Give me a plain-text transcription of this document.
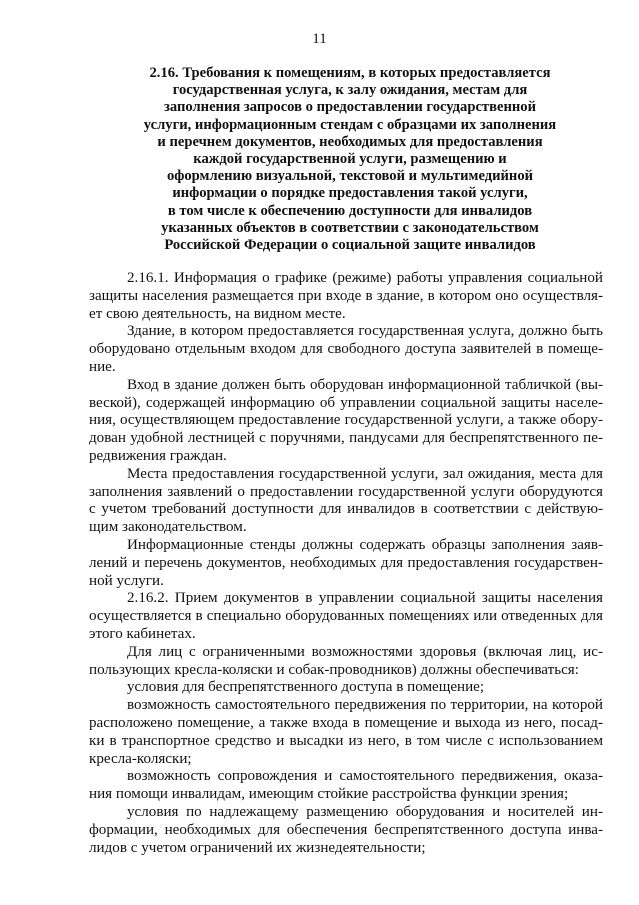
11
2.16. Требования к помещениям, в которых предоставляется
государственная услуга, к залу ожидания, местам для
заполнения запросов о предоставлении государственной
услуги, информационным стендам с образцами их заполнения
и перечнем документов, необходимых для предоставления
каждой государственной услуги, размещению и
оформлению визуальной, текстовой и мультимедийной
информации о порядке предоставления такой услуги,
в том числе к обеспечению доступности для инвалидов
указанных объектов в соответствии с законодательством
Российской Федерации о социальной защите инвалидов
2.16.1. Информация о графике (режиме) работы управления социальной
защиты населения размещается при входе в здание, в котором оно осуществля-
ет свою деятельность, на видном месте.
Здание, в котором предоставляется государственная услуга, должно быть
оборудовано отдельным входом для свободного доступа заявителей в помеще-
ние.
Вход в здание должен быть оборудован информационной табличкой (вы-
веской), содержащей информацию об управлении социальной защиты населе-
ния, осуществляющем предоставление государственной услуги, а также обору-
дован удобной лестницей с поручнями, пандусами для беспрепятственного пе-
редвижения граждан.
Места предоставления государственной услуги, зал ожидания, места для
заполнения заявлений о предоставлении государственной услуги оборудуются
с учетом требований доступности для инвалидов в соответствии с действую-
щим законодательством.
Информационные стенды должны содержать образцы заполнения заяв-
лений и перечень документов, необходимых для предоставления государствен-
ной услуги.
2.16.2. Прием документов в управлении социальной защиты населения
осуществляется в специально оборудованных помещениях или отведенных для
этого кабинетах.
Для лиц с ограниченными возможностями здоровья (включая лиц, ис-
пользующих кресла-коляски и собак-проводников) должны обеспечиваться:
условия для беспрепятственного доступа в помещение;
возможность самостоятельного передвижения по территории, на которой
расположено помещение, а также входа в помещение и выхода из него, посад-
ки в транспортное средство и высадки из него, в том числе с использованием
кресла-коляски;
возможность сопровождения и самостоятельного передвижения, оказа-
ния помощи инвалидам, имеющим стойкие расстройства функции зрения;
условия по надлежащему размещению оборудования и носителей ин-
формации, необходимых для обеспечения беспрепятственного доступа инва-
лидов с учетом ограничений их жизнедеятельности;
